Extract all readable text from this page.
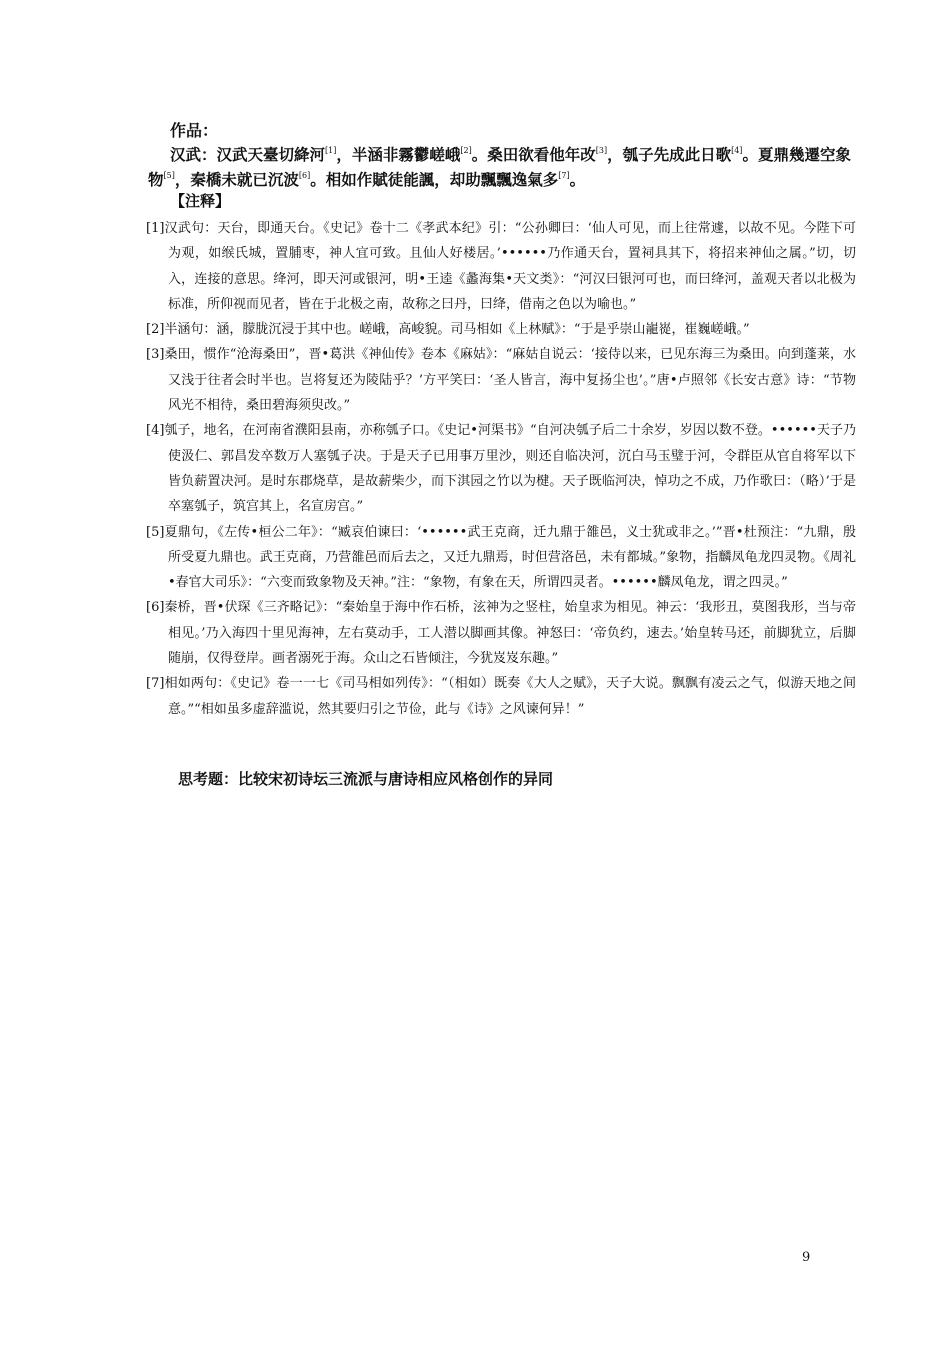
作品：
汉武：汉武天臺切絳河[1]，半涵非霧鬱嵯峨[2]。桑田欲看他年改[3]，瓠子先成此日歌[4]。夏鼎幾遷空象物[5]，秦橋未就已沉波[6]。相如作賦徒能諷，却助飄飄逸氣多[7]。
【注释】
[1]汉武句：天台，即通天台。《史记》卷十二《孝武本纪》引：“公孙卿曰：‘仙人可见，而上往常遽，以故不见。今陛下可为观，如缑氏城，置脯枣，神人宜可致。且仙人好楼居。’••••••乃作通天台，置祠具其下，将招来神仙之属。”切，切入，连接的意思。绛河，即天河或银河，明•王逵《蠡海集•天文类》：“河汉曰银河可也，而曰绛河，盖观天者以北极为标准，所仰视而见者，皆在于北极之南，故称之曰丹，曰绛，借南之色以为喻也。”
[2]半涵句：涵，朦胧沉浸于其中也。嵯峨，高峻貌。司马相如《上林赋》：“于是乎崇山巃嵸，崔巍嵯峨。”
[3]桑田，惯作“沧海桑田”，晋•葛洪《神仙传》卷本《麻姑》：“麻姑自说云：‘接侍以来，已见东海三为桑田。向到蓬莱，水又浅于往者会时半也。岂将复还为陵陆乎？’方平笑曰：‘圣人皆言，海中复扬尘也’。”唐•卢照邻《长安古意》诗：“节物风光不相待，桑田碧海须臾改。”
[4]瓠子，地名，在河南省濮阳县南，亦称瓠子口。《史记•河渠书》“自河决瓠子后二十余岁，岁因以数不登。••••••天子乃使汲仁、郭昌发卒数万人塞瓠子决。于是天子已用事万里沙，则还自临决河，沉白马玉璧于河，令群臣从官自将军以下皆负薪置决河。是时东郡烧草，是故薪柴少，而下淇园之竹以为楗。天子既临河决，悼功之不成，乃作歌曰：（略）’于是卒塞瓠子，筑宫其上，名宣房宫。”
[5]夏鼎句，《左传•桓公二年》：“臧哀伯谏曰：‘••••••武王克商，迁九鼎于雒邑，义士犹或非之。’”晋•杜预注：“九鼎，殷所受夏九鼎也。武王克商，乃营雒邑而后去之，又迁九鼎焉，时但营洛邑，未有都城。”象物，指麟凤龟龙四灵物。《周礼•春官大司乐》：“六变而致象物及天神。”注：“象物，有象在天，所谓四灵者。••••••麟凤龟龙，谓之四灵。”
[6]秦桥，晋•伏琛《三齐略记》：“秦始皇于海中作石桥，泫神为之竖柱，始皇求为相见。神云：‘我形丑，莫图我形，当与帝相见。’乃入海四十里见海神，左右莫动手，工人潜以脚画其像。神怒曰：‘帝负约，速去。’始皇转马还，前脚犹立，后脚随崩，仅得登岸。画者溺死于海。众山之石皆倾注，今犹岌岌东趣。”
[7]相如两句：《史记》卷一一七《司马相如列传》：“（相如）既奏《大人之赋》，天子大说。飘飘有凌云之气，似游天地之间意。”“相如虽多虚辞滥说，然其要归引之节俭，此与《诗》之风谏何异！”
思考题：比较宋初诗坛三流派与唐诗相应风格创作的异同
9
